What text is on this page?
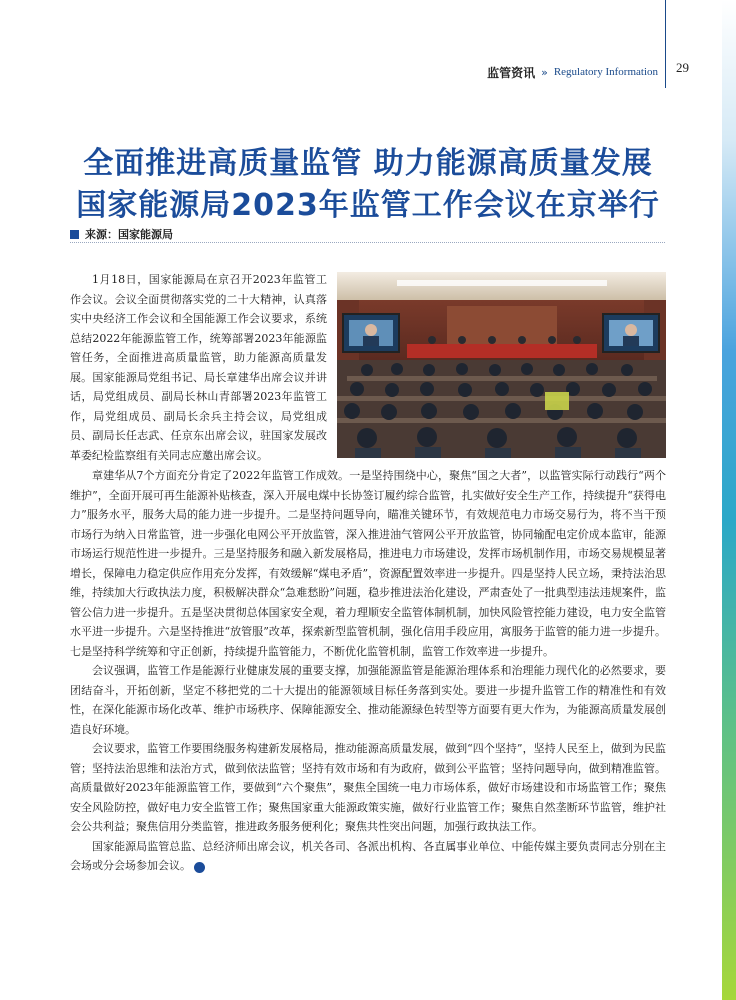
监管资讯 » Regulatory Information 29
全面推进高质量监管 助力能源高质量发展
国家能源局2023年监管工作会议在京举行
来源：国家能源局

1月18日，国家能源局在京召开2023年监管工作会议。会议全面贯彻落实党的二十大精神，认真落实中央经济工作会议和全国能源工作会议要求，系统总结2022年能源监管工作，统筹部署2023年能源监管任务，全面推进高质量监管，助力能源高质量发展。国家能源局党组书记、局长章建华出席会议并讲话，局党组成员、副局长林山青部署2023年监管工作，局党组成员、副局长余兵主持会议，局党组成员、副局长任志武、任京东出席会议，驻国家发展改革委纪检监察组有关同志应邀出席会议。

章建华从7个方面充分肯定了2022年监管工作成效。一是坚持围绕中心，聚焦“国之大者”，以监管实际行动践行“两个维护”，全面开展可再生能源补贴核查，深入开展电煤中长协签订履约综合监管，扎实做好安全生产工作，持续提升“获得电力”服务水平，服务大局的能力进一步提升。二是坚持问题导向，瞄准关键环节，有效规范电力市场交易行为，将不当干预市场行为纳入日常监管，进一步强化电网公平开放监管，深入推进油气管网公平开放监管，协同输配电定价成本监审，能源市场运行规范性进一步提升。三是坚持服务和融入新发展格局，推进电力市场建设，发挥市场机制作用，市场交易规模显著增长，保障电力稳定供应作用充分发挥，有效缓解“煤电矛盾”，资源配置效率进一步提升。四是坚持人民立场，秉持法治思维，持续加大行政执法力度，积极解决群众“急难愁盼”问题，稳步推进法治化建设，严肃查处了一批典型违法违规案件，监管公信力进一步提升。五是坚决贯彻总体国家安全观，着力理顺安全监管体制机制，加快风险管控能力建设，电力安全监管水平进一步提升。六是坚持推进“放管服”改革，探索新型监管机制，强化信用手段应用，寓服务于监管的能力进一步提升。七是坚持科学统筹和守正创新，持续提升监管能力，不断优化监管机制，监管工作效率进一步提升。

会议强调，监管工作是能源行业健康发展的重要支撑，加强能源监管是能源治理体系和治理能力现代化的必然要求，要团结奋斗，开拓创新，坚定不移把党的二十大提出的能源领域目标任务落到实处。要进一步提升监管工作的精准性和有效性，在深化能源市场化改革、维护市场秩序、保障能源安全、推动能源绿色转型等方面要有更大作为，为能源高质量发展创造良好环境。

会议要求，监管工作要围绕服务构建新发展格局，推动能源高质量发展，做到“四个坚持”，坚持人民至上，做到为民监管；坚持法治思维和法治方式，做到依法监管；坚持有效市场和有为政府，做到公平监管；坚持问题导向，做到精准监管。高质量做好2023年能源监管工作，要做到“六个聚焦”，聚焦全国统一电力市场体系，做好市场建设和市场监管工作；聚焦安全风险防控，做好电力安全监管工作；聚焦国家重大能源政策实施，做好行业监管工作；聚焦自然垄断环节监管，维护社会公共利益；聚焦信用分类监管，推进政务服务便利化；聚焦共性突出问题，加强行政执法工作。

国家能源局监管总监、总经济师出席会议，机关各司、各派出机构、各直属事业单位、中能传媒主要负责同志分别在主会场或分会场参加会议。	C
